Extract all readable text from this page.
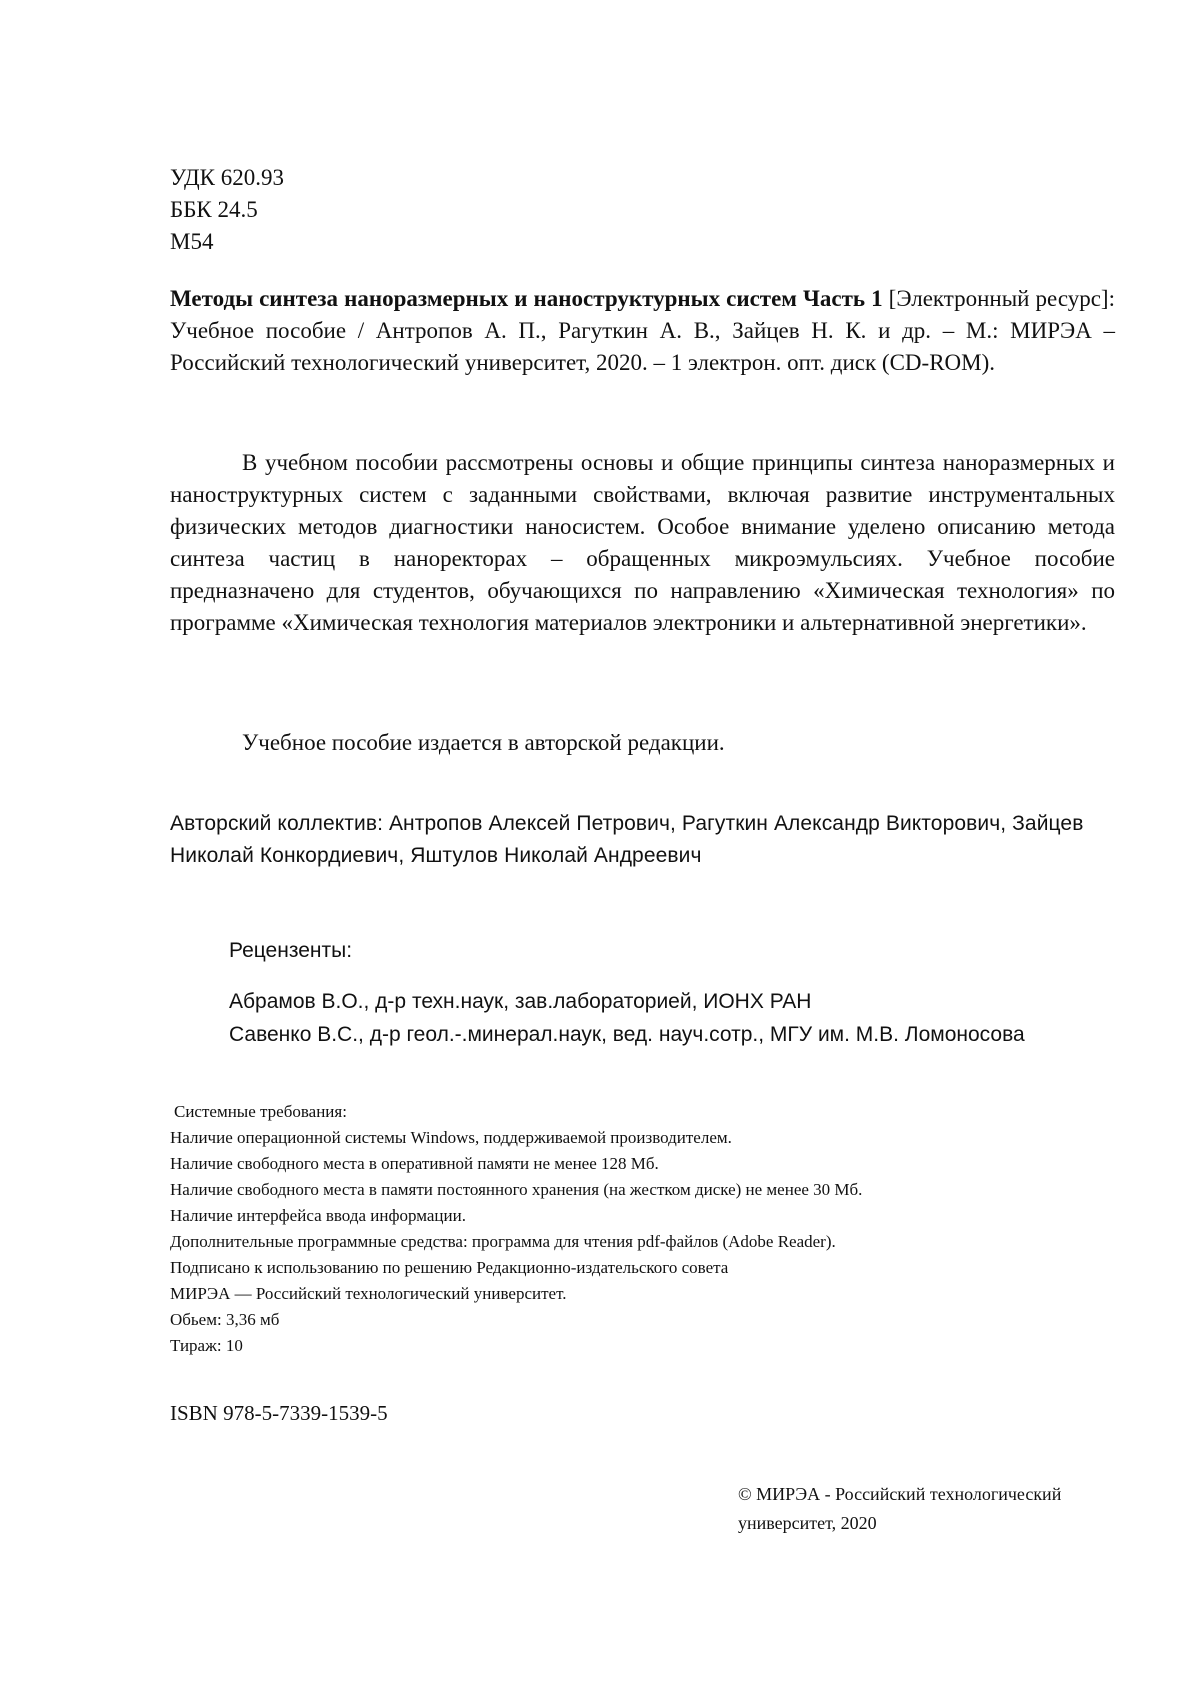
УДК 620.93
ББК 24.5
М54
Методы синтеза наноразмерных и наноструктурных систем Часть 1 [Электронный ресурс]: Учебное пособие / Антропов А. П., Рагуткин А. В., Зайцев Н. К. и др. – М.: МИРЭА – Российский технологический университет, 2020. – 1 электрон. опт. диск (CD-ROM).
В учебном пособии рассмотрены основы и общие принципы синтеза наноразмерных и наноструктурных систем с заданными свойствами, включая развитие инструментальных физических методов диагностики наносистем. Особое внимание уделено описанию метода синтеза частиц в наноректорах – обращенных микроэмульсиях. Учебное пособие предназначено для студентов, обучающихся по направлению «Химическая технология» по программе «Химическая технология материалов электроники и альтернативной энергетики».
Учебное пособие издается в авторской редакции.
Авторский коллектив: Антропов Алексей Петрович, Рагуткин Александр Викторович, Зайцев Николай Конкордиевич, Яштулов Николай Андреевич
Рецензенты:
Абрамов В.О., д-р техн.наук, зав.лабораторией, ИОНХ РАН
Савенко В.С., д-р геол.-.минерал.наук, вед. науч.сотр., МГУ им. М.В. Ломоносова
Системные требования:
Наличие операционной системы Windows, поддерживаемой производителем.
Наличие свободного места в оперативной памяти не менее 128 Мб.
Наличие свободного места в памяти постоянного хранения (на жестком диске) не менее 30 Мб.
Наличие интерфейса ввода информации.
Дополнительные программные средства: программа для чтения pdf-файлов (Adobe Reader).
Подписано к использованию по решению Редакционно-издательского совета
МИРЭА — Российский технологический университет.
Обьем: 3,36 мб
Тираж: 10
ISBN 978-5-7339-1539-5
© МИРЭА - Российский технологический
университет, 2020
